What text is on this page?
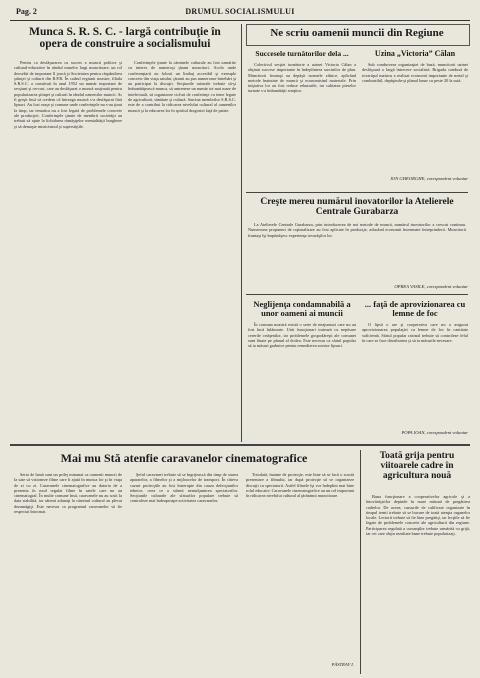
Pag. 2	DRUMUL SOCIALISMULUI
Munca S. R. S. C. - largă contribuţie în opera de construire a socialismului

Pentru ca desfăşurarea cu succes a muncii politice şi cultural-educative în rândul maselor largi muncitoare, un rol deosebit de important îl joacă şi Societatea pentru răspândirea ştiinţei şi culturii din R.P.R. În cadrul regiunii noastre, filiala S.R.S.C. a constituit în anul 1952 un număr important de secţiuni şi cercuri, care au desfăşurat o muncă susţinută pentru popularizarea ştiinţei şi culturii în rândul oamenilor muncii. Ar fi greşit însă să credem că întreaga muncă s-a desfăşurat fără lipsuri. Au fost oraşe şi comune unde conferinţele nu s-au ţinut la timp, iar tematica nu a fost legată de problemele concrete ale producţiei. Conferinţele ţinute de membrii societăţii au trebuit să ajute la lichidarea rămăşiţelor mentalităţii burgheze şi să demaşte misticismul şi superstiţiile.

Conferinţele ţinute la căminele culturale au fost urmărite cu interes de numeroşi ţărani muncitori. Acolo unde conferenţiarii au folosit un limbaj accesibil şi exemple concrete din viaţa satului, ţăranii au pus numeroase întrebări şi au participat la discuţii. Secţiunile raionale trebuie să-şi îmbunătăţească munca, să antreneze un număr tot mai mare de intelectuali, să organizeze cicluri de conferinţe cu teme legate de agricultură, sănătate şi cultură. Sarcina membrilor S.R.S.C. este de a contribui la ridicarea nivelului cultural al oamenilor muncii şi la educarea lor în spiritul dragostei faţă de patrie.

Ne scriu oamenii muncii din Regiune
Succesele turnătorilor dela ...

Colectivul secţiei turnătorie a uzinei Victoria Călan a obţinut succese importante în îndeplinirea sarcinilor de plan. Muncitorii fruntaşi au depăşit normele zilnice, aplicând metode înaintate de muncă şi economisind materiale. Prin iniţiativa lor au fost reduse rebuturile, iar calitatea pieselor turnate s-a îmbunătăţit simţitor.

Uzina „Victoria” Călan

Sub conducerea organizaţiei de bază, muncitorii uzinei desfăşoară o largă întrecere socialistă. Brigada condusă de tovarăşul maistru a realizat economii importante de metal şi combustibil, depăşindu-şi planul lunar cu peste 20 la sută.

ION GHEORGHE, corespondent voluntar
Creşte mereu numărul inovatorilor la Atelierele Centrale Gurabarza

La Atelierele Centrale Gurabarza, prin introducerea de noi metode de muncă, numărul inovatorilor a crescut continuu. Numeroase propuneri de raţionalizare au fost aplicate în producţie, aducând economii însemnate întreprinderii. Muncitorii fruntaşi îşi împărtăşesc experienţa tovarăşilor lor.

OPREA VASILE, corespondent voluntar
Neglijenţa condamnabilă a unor oameni ai muncii

În comuna noastră există o serie de neajunsuri care nu au fost încă înlăturate. Unii funcţionari tratează cu nepăsare cererile cetăţenilor, iar problemele gospodăreşti ale comunei sunt lăsate pe planul al doilea. Este necesar ca sfatul popular să ia măsuri grabnice pentru remedierea acestor lipsuri.

... faţă de aprovizionarea cu lemne de foc

O lipsă o are şi cooperativa care nu a asigurat aprovizionarea populaţiei cu lemne de foc în cantitate suficientă. Sfatul popular raional trebuie să controleze felul în care se face distribuirea şi să ia măsurile necesare.

POPA IOAN, corespondent voluntar
Mai mu Stă atenfie caravanelor cinematografice

Seria de lamă sunt un prilej minunat ca oamenii muncii de la sate să vizioneze filme care îi ajută în munca lor şi în viaţa de zi cu zi. Caravanele cinematografice au datoria de a prezenta în mod regulat filme în satele care nu au cinematograf. În multe comune însă, caravanele nu au sosit la data stabilită, iar sătenii adunaţi la căminul cultural au plecat dezamăgiţi. Este necesar ca programul caravanelor să fie respectat întocmai.

Şeful caravanei trebuie să se îngrijească din timp de starea aparatelor, a filmelor şi a mijloacelor de transport. În câteva cazuri proiecţiile au fost întrerupte din cauza defecţiunilor tehnice, ceea ce a stârnit nemulţumirea spectatorilor. Secţiunile culturale ale sfaturilor populare trebuie să controleze mai îndeaproape activitatea caravanelor.

Totodată, înainte de proiecţie, este bine să se facă o scurtă prezentare a filmului, iar după proiecţie să se organizeze discuţii cu spectatorii. Astfel filmele îşi vor îndeplini mai bine rolul educativ. Caravanele cinematografice au un rol important în ridicarea nivelului cultural al ţărănimii muncitoare.

PĂSTRAV I.
Toată grija pentru viitoarele cadre în agricultura nouă

Buna funcţionare a cooperativelor agricole şi a întovărăşirilor depinde în mare măsură de pregătirea cadrelor. De aceea, cursurile de calificare organizate în timpul iernii trebuie să se bucure de toată atenţia organelor locale. Lectorii trebuie să fie bine pregătiţi, iar lecţiile să fie legate de problemele concrete ale agriculturii din regiune. Participarea regulată a cursanţilor trebuie urmărită cu grijă, iar cei care obţin rezultate bune trebuie popularizaţi.
